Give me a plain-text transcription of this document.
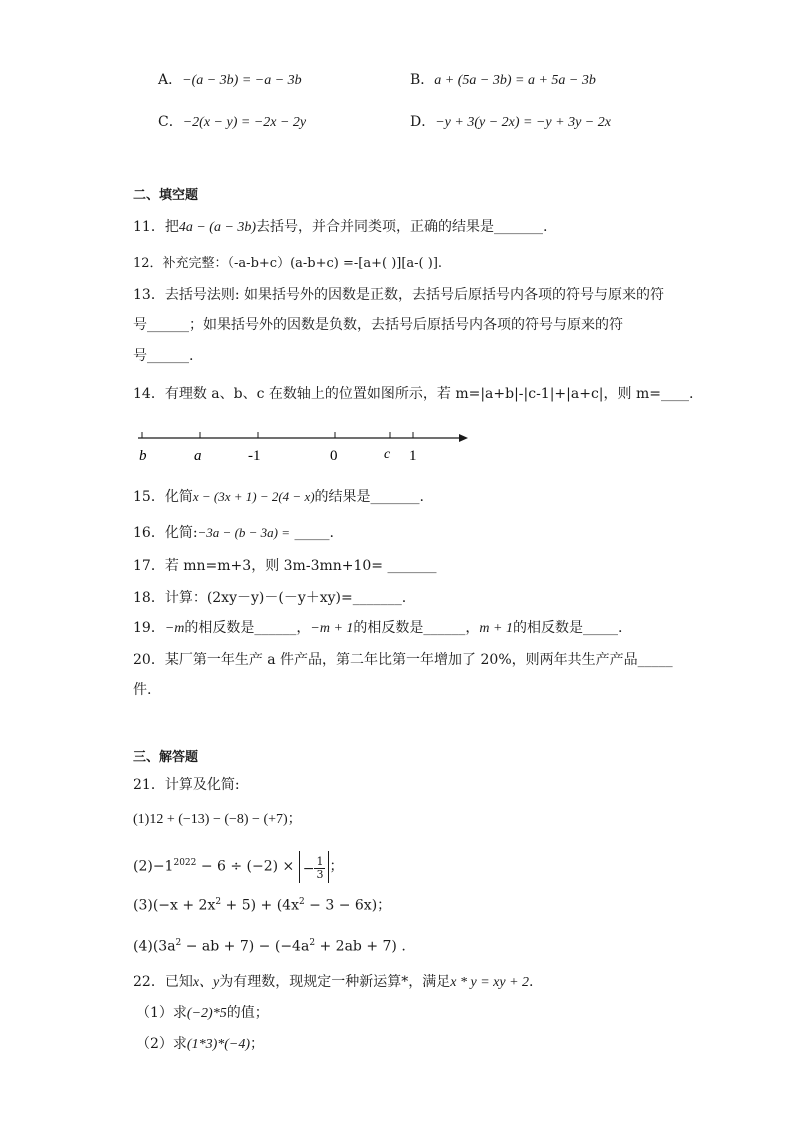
A．−(a − 3b) = −a − 3b	B．a + (5a − 3b) = a + 5a − 3b
C．−2(x − y) = −2x − 2y	D．−y + 3(y − 2x) = −y + 3y − 2x
二、填空题
11．把4a − (a − 3b)去括号，并合并同类项，正确的结果是_______.
12．补充完整：（-a-b+c）(a-b+c) =-[a+( )][a-( )].
13．去括号法则: 如果括号外的因数是正数，去括号后原括号内各项的符号与原来的符
号______；如果括号外的因数是负数，去括号后原括号内各项的符号与原来的符
号______.
14．有理数 a、b、c 在数轴上的位置如图所示，若 m=|a+b|-|c-1|+|a+c|，则 m=____.
b	a	-1	0	c 1
15．化简x − (3x + 1) − 2(4 − x)的结果是_______.
16．化简:−3a − (b − 3a) = _____.
17．若 mn=m+3，则 3m-3mn+10= _______
18．计算：(2xy－y)－(－y＋xy)=_______.
19．−m的相反数是______，−m + 1的相反数是______，m + 1的相反数是_____.
20．某厂第一年生产 a 件产品，第二年比第一年增加了 20%，则两年共生产产品_____
件.
三、解答题
21．计算及化简:
(1)12 + (−13) − (−8) − (+7)；
$(2)-1^{2022} - 6 \div (-2)$ × − $\frac{1}{3}$ ；
$(3)(-x + 2x^2 + 5) + (4x^2 - 3 - 6x)$；
$(4)(3a^2$ − ab + $7) - (-4a^2 + 2ab + 7)$ .
22．已知x、y为有理数，现规定一种新运算*，满足x * y = xy + 2.
（1）求(−2)*5的值；
（2）求(1*3)*(−4)；
